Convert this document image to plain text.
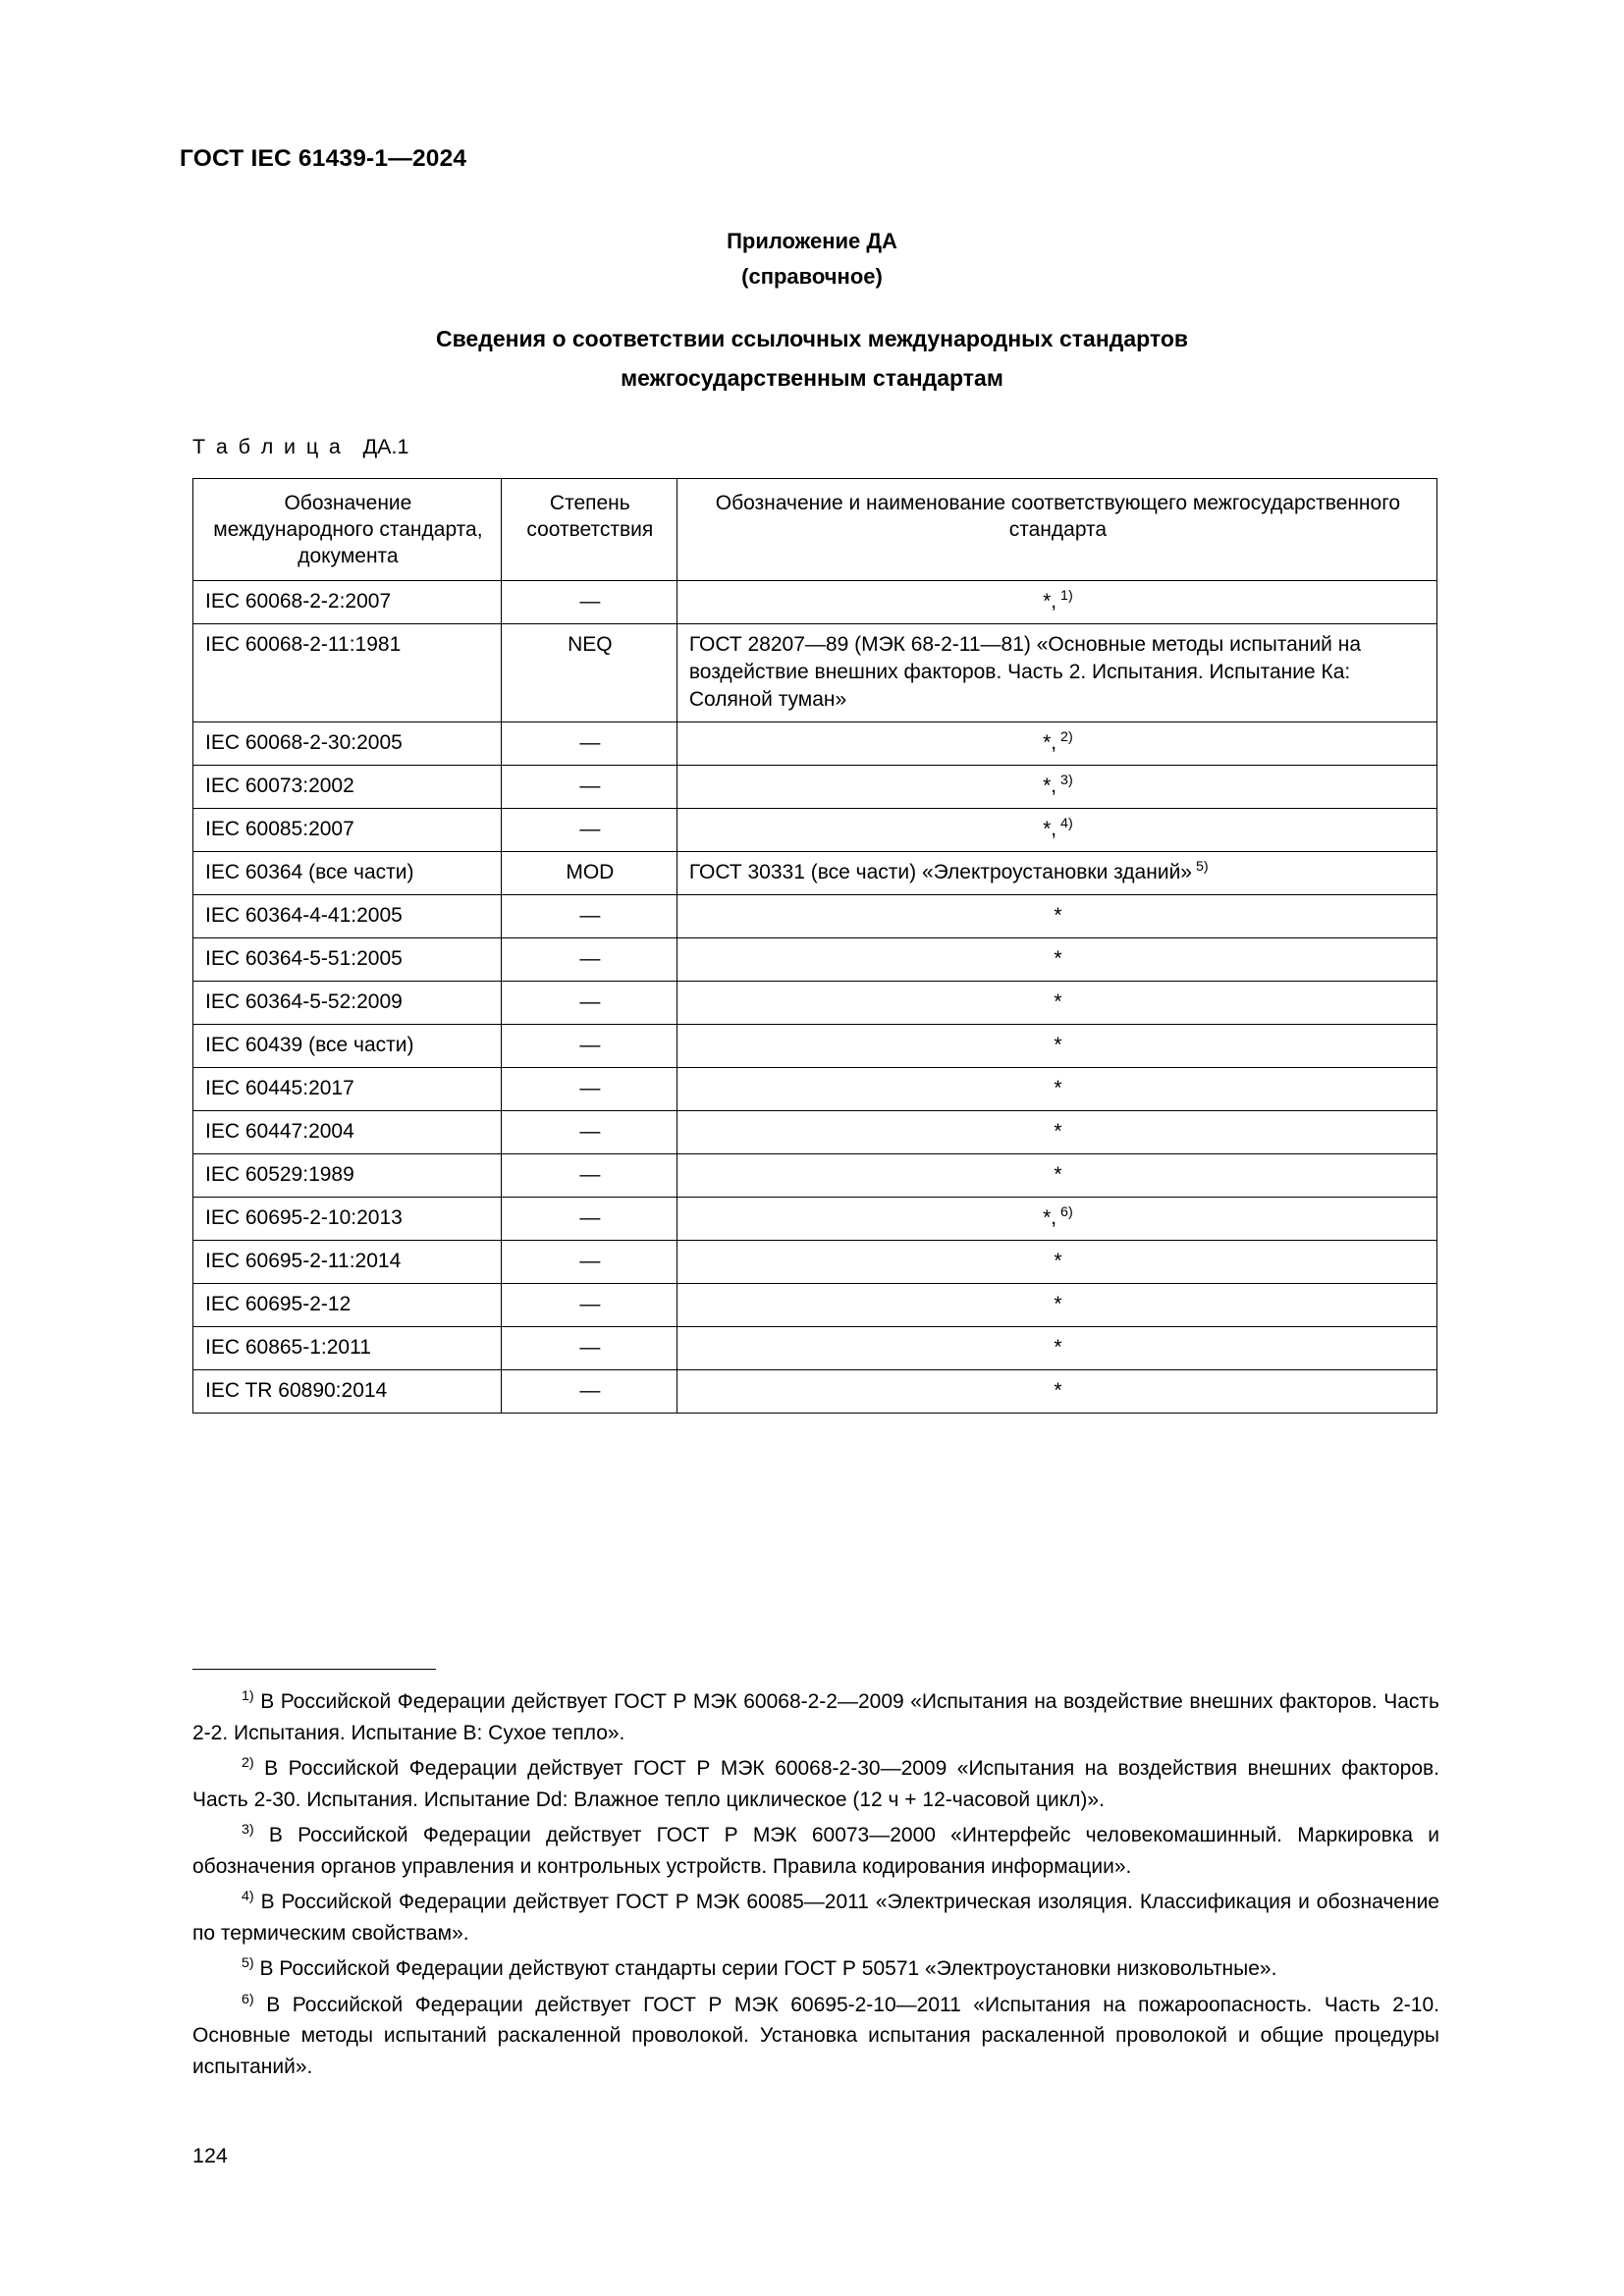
ГОСТ IEC 61439-1—2024
Приложение ДА
(справочное)
Сведения о соответствии ссылочных международных стандартов
межгосударственным стандартам
Т а б л и ц а ДА.1
Обозначение международного стандарта, документа	Степень соответствия	Обозначение и наименование соответствующего межгосударственного стандарта
IEC 60068-2-2:2007	—	*, $^{1)}$
IEC 60068-2-11:1981	NEQ	ГОСТ 28207—89 (МЭК 68-2-11—81) «Основные методы испытаний на воздействие внешних факторов. Часть 2. Испытания. Испытание Ка: Соляной туман»
IEC 60068-2-30:2005	—	*, $^{2)}$
IEC 60073:2002	—	*, $^{3)}$
IEC 60085:2007	—	*, $^{4)}$
IEC 60364 (все части)	MOD	ГОСТ 30331 (все части) «Электроустановки зданий» $^{5)}$
IEC 60364-4-41:2005	—	*
IEC 60364-5-51:2005	—	*
IEC 60364-5-52:2009	—	*
IEC 60439 (все части)	—	*
IEC 60445:2017	—	*
IEC 60447:2004	—	*
IEC 60529:1989	—	*
IEC 60695-2-10:2013	—	*, $^{6)}$
IEC 60695-2-11:2014	—	*
IEC 60695-2-12	—	*
IEC 60865-1:2011	—	*
IEC TR 60890:2014	—	*

$^{1)}$ В Российской Федерации действует ГОСТ Р МЭК 60068-2-2—2009 «Испытания на воздействие внешних факторов. Часть 2-2. Испытания. Испытание В: Сухое тепло».

$^{2)}$ В Российской Федерации действует ГОСТ Р МЭК 60068-2-30—2009 «Испытания на воздействия внешних факторов. Часть 2-30. Испытания. Испытание Dd: Влажное тепло циклическое (12 ч + 12-часовой цикл)».

$^{3)}$ В Российской Федерации действует ГОСТ Р МЭК 60073—2000 «Интерфейс человекомашинный. Маркировка и обозначения органов управления и контрольных устройств. Правила кодирования информации».

$^{4)}$ В Российской Федерации действует ГОСТ Р МЭК 60085—2011 «Электрическая изоляция. Классификация и обозначение по термическим свойствам».

$^{5)}$ В Российской Федерации действуют стандарты серии ГОСТ Р 50571 «Электроустановки низковольтные».

$^{6)}$ В Российской Федерации действует ГОСТ Р МЭК 60695-2-10—2011 «Испытания на пожароопасность. Часть 2-10. Основные методы испытаний раскаленной проволокой. Установка испытания раскаленной проволокой и общие процедуры испытаний».

124
